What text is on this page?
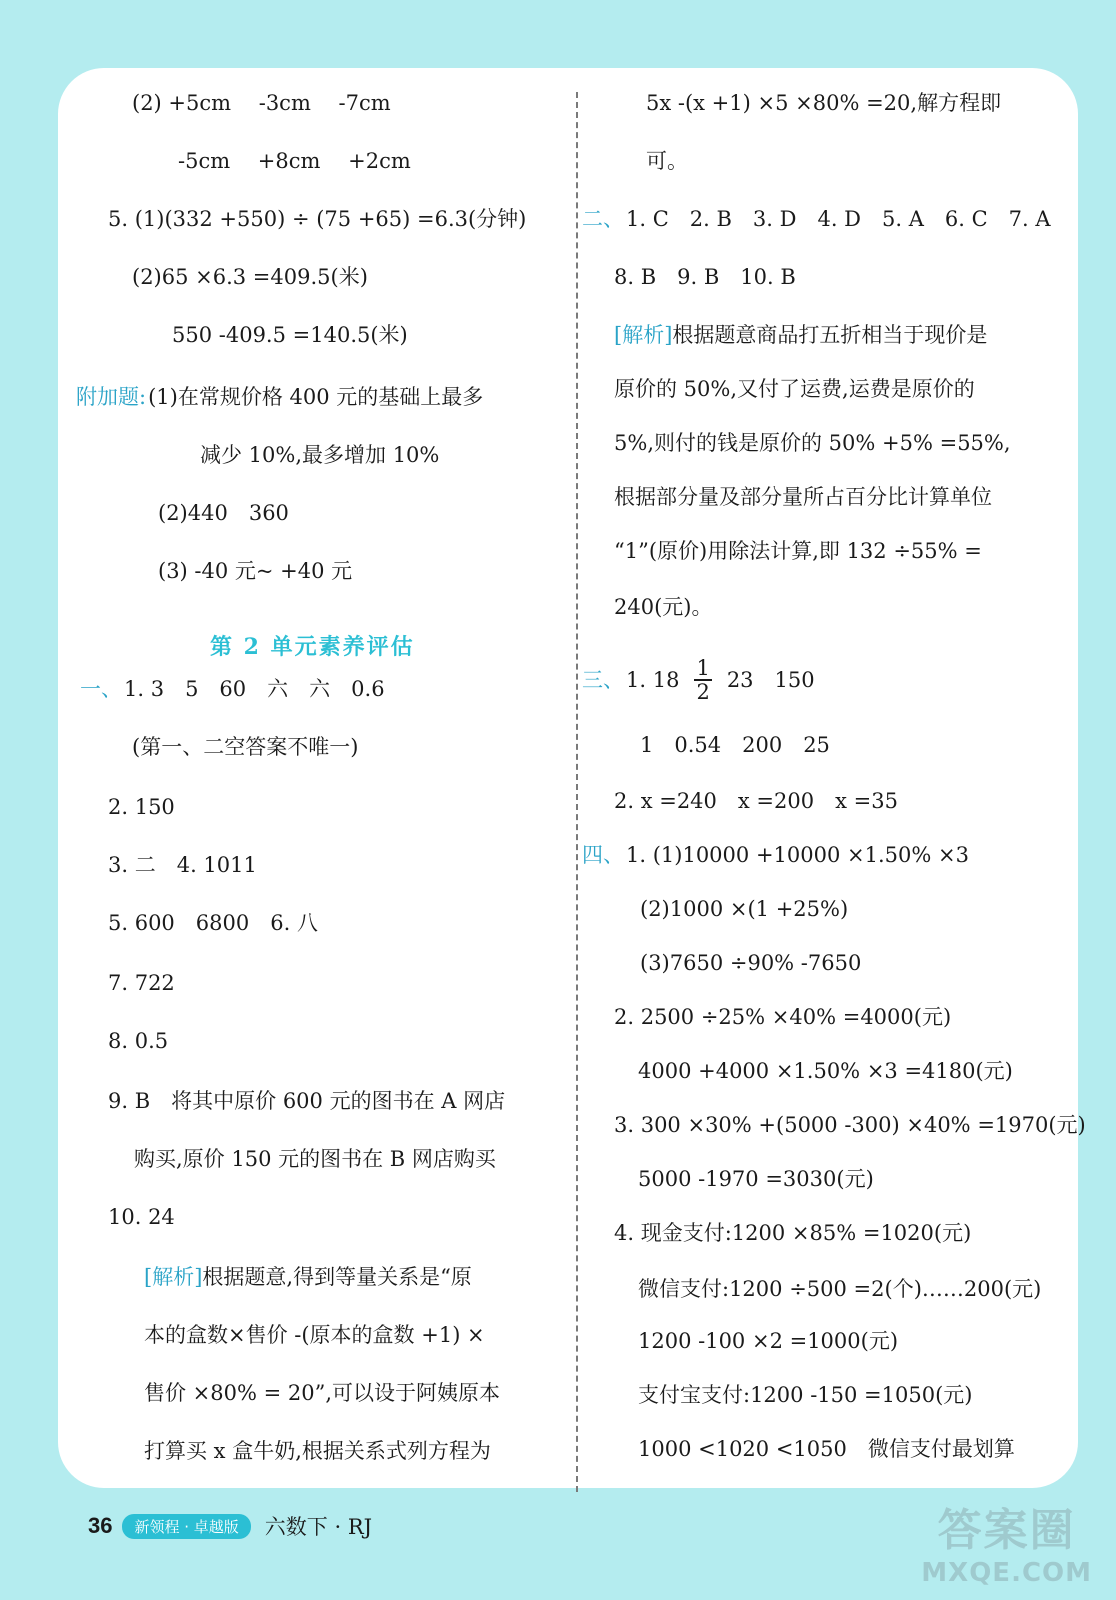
(2) +5cm　 -3cm　 -7cm
-5cm　 +8cm　 +2cm
5. (1)(332 +550) ÷ (75 +65) =6.3(分钟)
(2)65 ×6.3 =409.5(米)
550 -409.5 =140.5(米)
附加题:(1)在常规价格 400 元的基础上最多
减少 10%,最多增加 10%
(2)440　360
(3) -40 元~ +40 元
第 2 单元素养评估
一、1. 3　5　60　六　六　0.6
(第一、二空答案不唯一)
2. 150
3. 二　4. 1011
5. 600　6800　6. 八
7. 722
8. 0.5
9. B　将其中原价 600 元的图书在 A 网店
购买,原价 150 元的图书在 B 网店购买
10. 24
[解析]根据题意,得到等量关系是“原
本的盒数×售价 -(原本的盒数 +1) ×
售价 ×80% = 20”,可以设于阿姨原本
打算买 x 盒牛奶,根据关系式列方程为
5x -(x +1) ×5 ×80% =20,解方程即
可。
二、1. C　2. B　3. D　4. D　5. A　6. C　7. A
8. B　9. B　10. B
[解析]根据题意商品打五折相当于现价是
原价的 50%,又付了运费,运费是原价的
5%,则付的钱是原价的 50% +5% =55%,
根据部分量及部分量所占百分比计算单位
“1”(原价)用除法计算,即 132 ÷55% =
240(元)。
三、1. $18 \frac{1}{2} 23$　150
1　0.54　200　25
2. x =240　x =200　x =35
四、1. (1)10000 +10000 ×1.50% ×3
(2)1000 ×(1 +25%)
(3)7650 ÷90% -7650
2. 2500 ÷25% ×40% =4000(元)
4000 +4000 ×1.50% ×3 =4180(元)
3. 300 ×30% +(5000 -300) ×40% =1970(元)
5000 -1970 =3030(元)
4. 现金支付:1200 ×85% =1020(元)
微信支付:1200 ÷500 =2(个)……200(元)
1200 -100 ×2 =1000(元)
支付宝支付:1200 -150 =1050(元)
1000 <1020 <1050　微信支付最划算
36	新领程 · 卓越版	六数下 · RJ	答案圈
MXQE.COM
